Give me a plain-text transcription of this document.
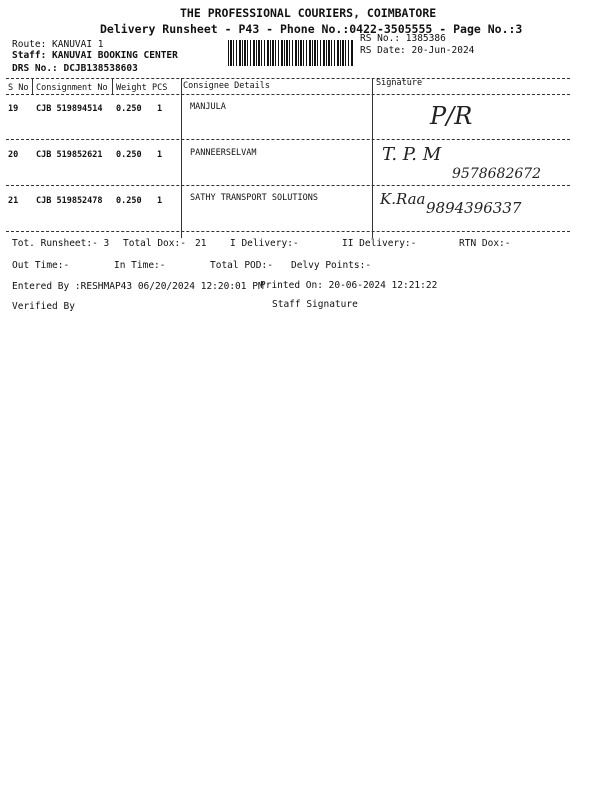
THE PROFESSIONAL COURIERS, COIMBATORE
Delivery Runsheet - P43 - Phone No.:0422-3505555 - Page No.:3
Route: KANUVAI 1
Staff: KANUVAI BOOKING CENTER
DRS No.: DCJB138538603
RS No.: 1385386
RS Date: 20-Jun-2024
S No Consignment No Weight PCS Consignee Details	Signature
19 CJB 519894514 0.250 1	MANJULA	P/R
20 CJB 519852621 0.250 1	PANNEERSELVAM	T. P. M
9578682672
21 CJB 519852478 0.250 1	SATHY TRANSPORT SOLUTIONS	K.Raa 9894396337
Tot. Runsheet:- 3 Total Dox:- 21 I Delivery:-	II Delivery:-	RTN Dox:-
Out Time:-	In Time:-	Total POD:- Delvy Points:-
Entered By :RESHMAP43 06/20/2024 12:20:01 PM
Printed On: 20-06-2024 12:21:22
Verified By	Staff Signature
